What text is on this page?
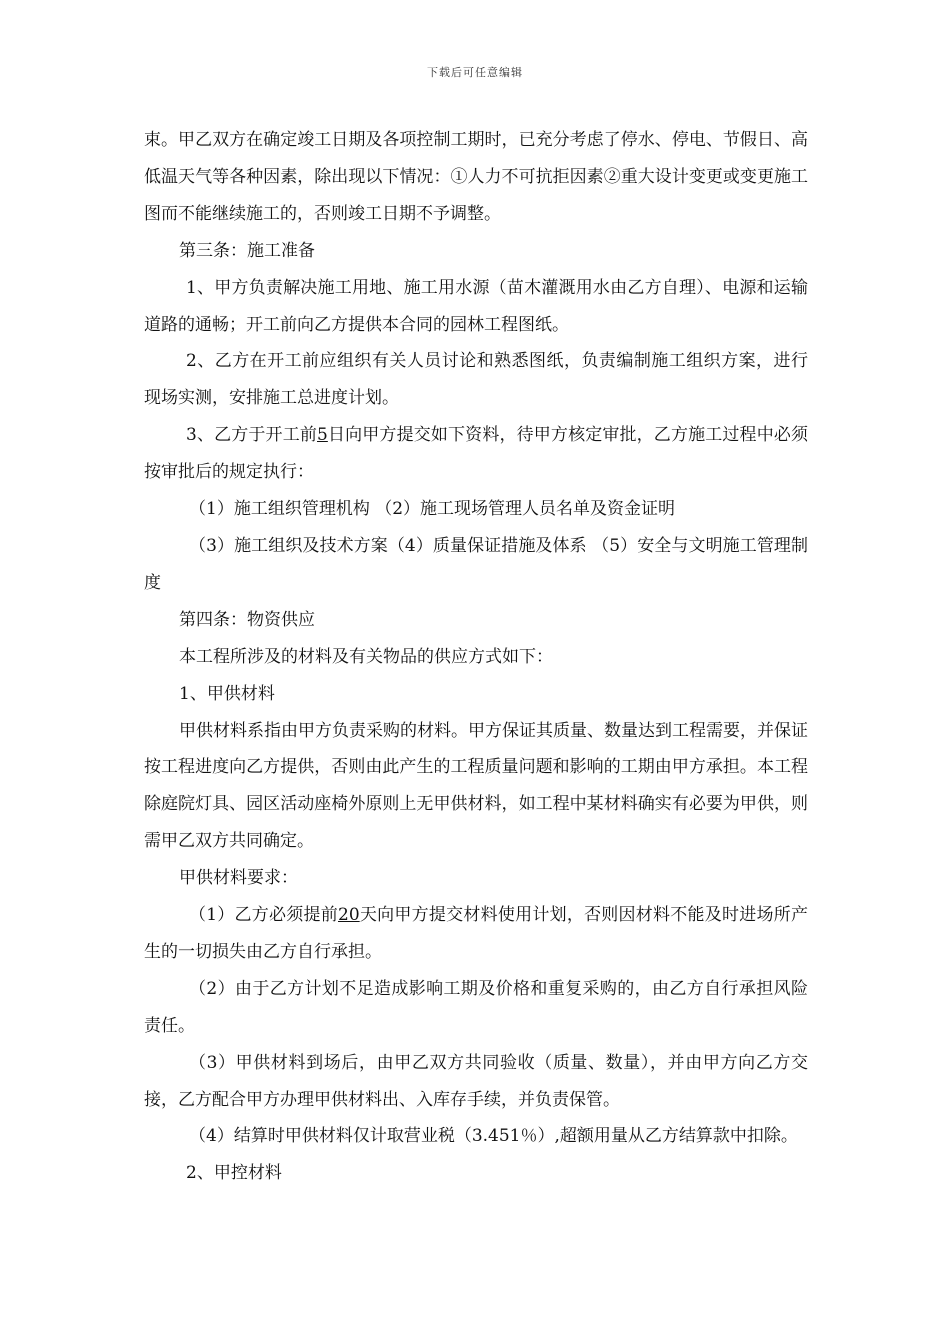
下载后可任意编辑

束。甲乙双方在确定竣工日期及各项控制工期时，已充分考虑了停水、停电、节假日、高低温天气等各种因素，除出现以下情况：①人力不可抗拒因素②重大设计变更或变更施工图而不能继续施工的，否则竣工日期不予调整。

第三条：施工准备

1、甲方负责解决施工用地、施工用水源（苗木灌溉用水由乙方自理）、电源和运输道路的通畅；开工前向乙方提供本合同的园林工程图纸。

2、乙方在开工前应组织有关人员讨论和熟悉图纸，负责编制施工组织方案，进行现场实测，安排施工总进度计划。

3、乙方于开工前5日向甲方提交如下资料，待甲方核定审批，乙方施工过程中必须按审批后的规定执行：

（1）施工组织管理机构 （2）施工现场管理人员名单及资金证明

（3）施工组织及技术方案（4）质量保证措施及体系 （5）安全与文明施工管理制度

第四条：物资供应

本工程所涉及的材料及有关物品的供应方式如下：

1、甲供材料

甲供材料系指由甲方负责采购的材料。甲方保证其质量、数量达到工程需要，并保证按工程进度向乙方提供，否则由此产生的工程质量问题和影响的工期由甲方承担。本工程除庭院灯具、园区活动座椅外原则上无甲供材料，如工程中某材料确实有必要为甲供，则需甲乙双方共同确定。

甲供材料要求：

（1）乙方必须提前20天向甲方提交材料使用计划，否则因材料不能及时进场所产生的一切损失由乙方自行承担。

（2）由于乙方计划不足造成影响工期及价格和重复采购的，由乙方自行承担风险责任。

（3）甲供材料到场后，由甲乙双方共同验收（质量、数量），并由甲方向乙方交接，乙方配合甲方办理甲供材料出、入库存手续，并负责保管。

（4）结算时甲供材料仅计取营业税（3.451％）,超额用量从乙方结算款中扣除。

2、甲控材料
